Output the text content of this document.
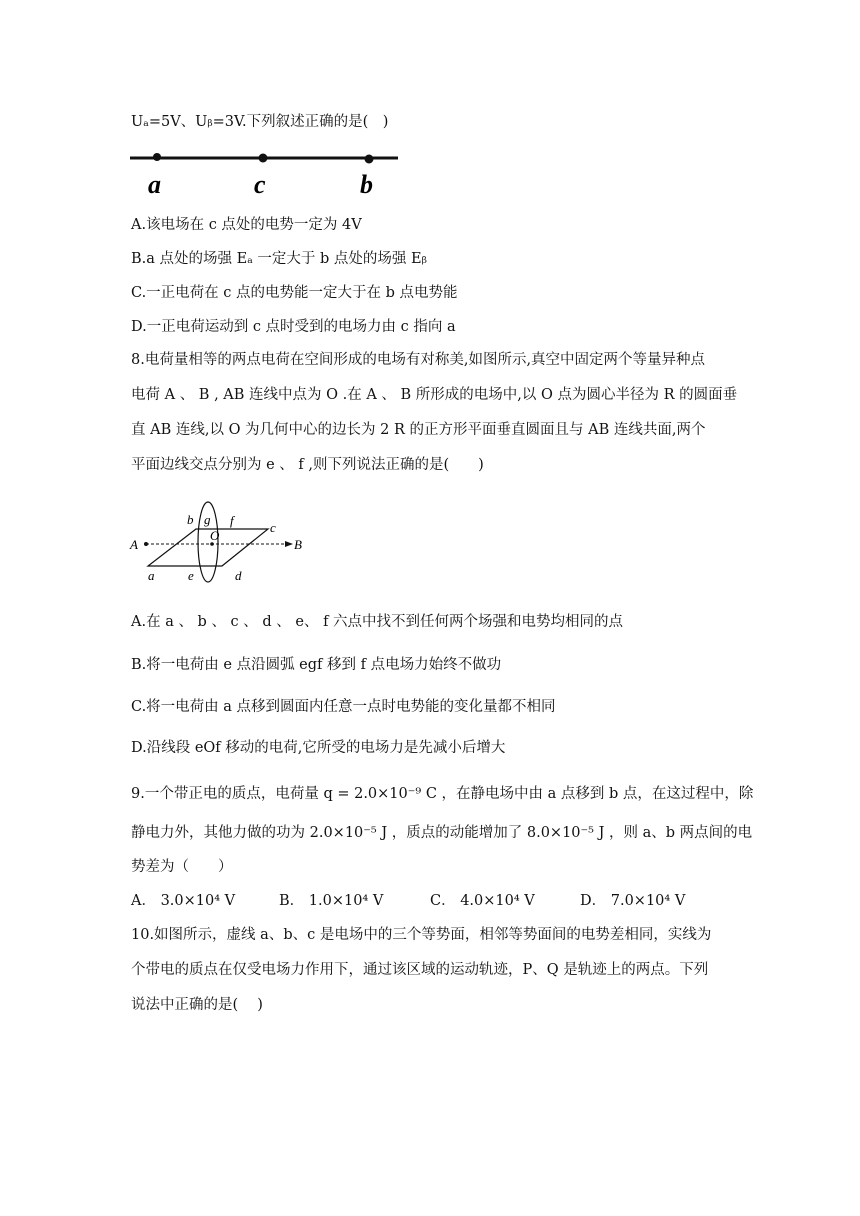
Uₐ=5V、Uᵦ=3V.下列叙述正确的是(　)
a	c	b
A.该电场在 c 点处的电势一定为 4V
B.a 点处的场强 Eₐ 一定大于 b 点处的场强 Eᵦ
C.一正电荷在 c 点的电势能一定大于在 b 点电势能
D.一正电荷运动到 c 点时受到的电场力由 c 指向 a
8.电荷量相等的两点电荷在空间形成的电场有对称美,如图所示,真空中固定两个等量异种点
电荷 A 、 B , AB 连线中点为 O .在 A 、 B 所形成的电场中,以 O 点为圆心半径为 R 的圆面垂
直 AB 连线,以 O 为几何中心的边长为 2 R 的正方形平面垂直圆面且与 AB 连线共面,两个
平面边线交点分别为 e 、 f ,则下列说法正确的是(　　)
A	B
b g f	c
O
a	e	d
A.在 a 、 b 、 c 、 d 、 e、 f 六点中找不到任何两个场强和电势均相同的点
B.将一电荷由 e 点沿圆弧 egf 移到 f 点电场力始终不做功
C.将一电荷由 a 点移到圆面内任意一点时电势能的变化量都不相同
D.沿线段 eOf 移动的电荷,它所受的电场力是先减小后增大
9.一个带正电的质点，电荷量 q = 2.0×10⁻⁹ C ，在静电场中由 a 点移到 b 点，在这过程中，除
静电力外，其他力做的功为 2.0×10⁻⁵ J ，质点的动能增加了 8.0×10⁻⁵ J ，则 a、b 两点间的电
势差为（　　）
A． 3.0×10⁴ V	B． 1.0×10⁴ V	C． 4.0×10⁴ V	D． 7.0×10⁴ V
10.如图所示，虚线 a、b、c 是电场中的三个等势面，相邻等势面间的电势差相同，实线为
个带电的质点在仅受电场力作用下，通过该区域的运动轨迹，P、Q 是轨迹上的两点。下列
说法中正确的是(　 )
